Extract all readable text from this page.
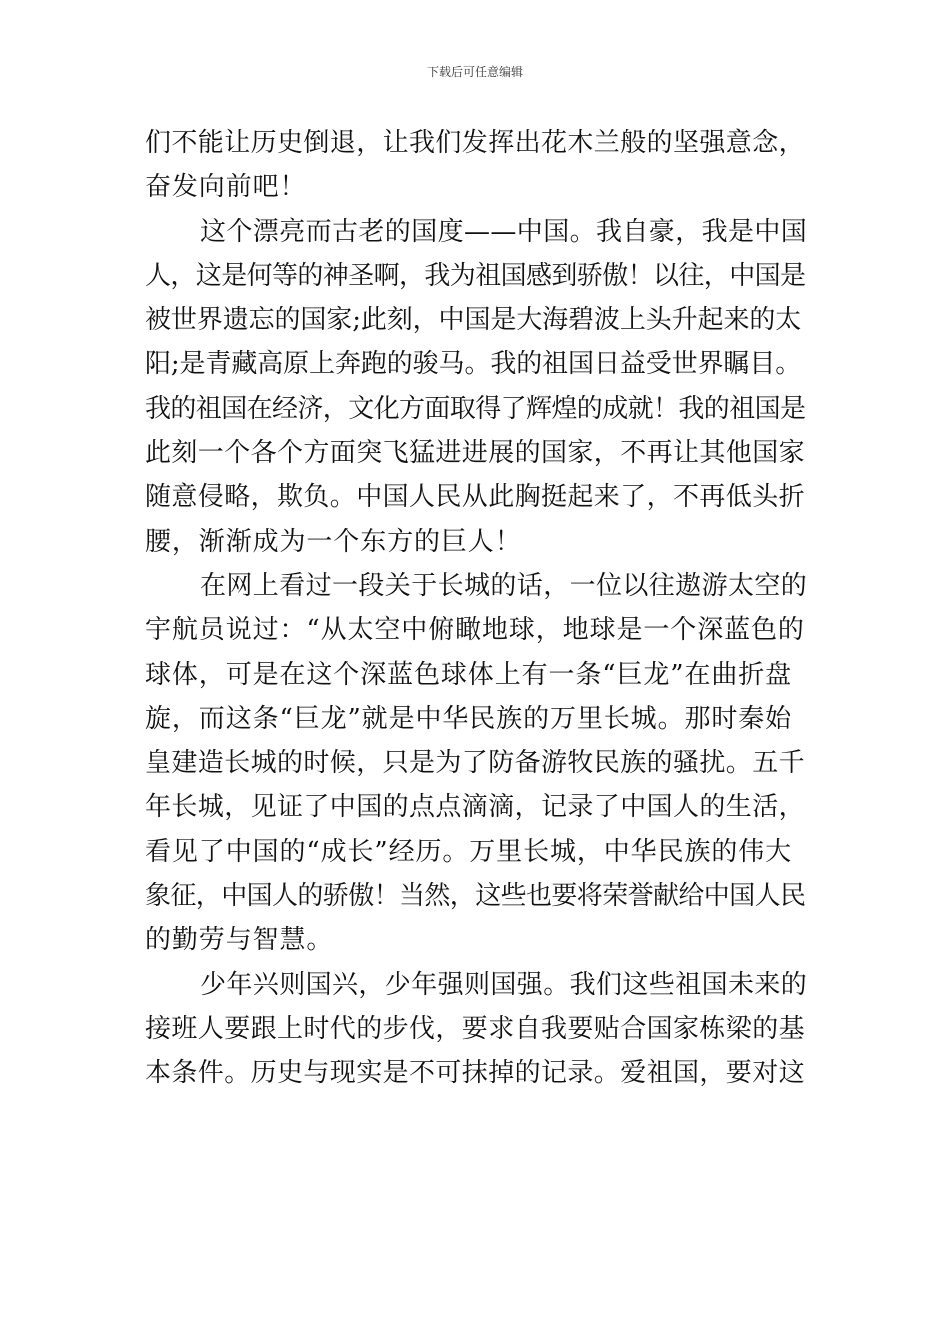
下载后可任意编辑
们不能让历史倒退，让我们发挥出花木兰般的坚强意念，
奋发向前吧！
这个漂亮而古老的国度——中国。我自豪，我是中国
人，这是何等的神圣啊，我为祖国感到骄傲！以往，中国是
被世界遗忘的国家;此刻，中国是大海碧波上头升起来的太
阳;是青藏高原上奔跑的骏马。我的祖国日益受世界瞩目。
我的祖国在经济，文化方面取得了辉煌的成就！我的祖国是
此刻一个各个方面突飞猛进进展的国家，不再让其他国家
随意侵略，欺负。中国人民从此胸挺起来了，不再低头折
腰，渐渐成为一个东方的巨人！
在网上看过一段关于长城的话，一位以往遨游太空的
宇航员说过：“从太空中俯瞰地球，地球是一个深蓝色的
球体，可是在这个深蓝色球体上有一条“巨龙”在曲折盘
旋，而这条“巨龙”就是中华民族的万里长城。那时秦始
皇建造长城的时候，只是为了防备游牧民族的骚扰。五千
年长城，见证了中国的点点滴滴，记录了中国人的生活，
看见了中国的“成长”经历。万里长城，中华民族的伟大
象征，中国人的骄傲！当然，这些也要将荣誉献给中国人民
的勤劳与智慧。
少年兴则国兴，少年强则国强。我们这些祖国未来的
接班人要跟上时代的步伐，要求自我要贴合国家栋梁的基
本条件。历史与现实是不可抹掉的记录。爱祖国，要对这
